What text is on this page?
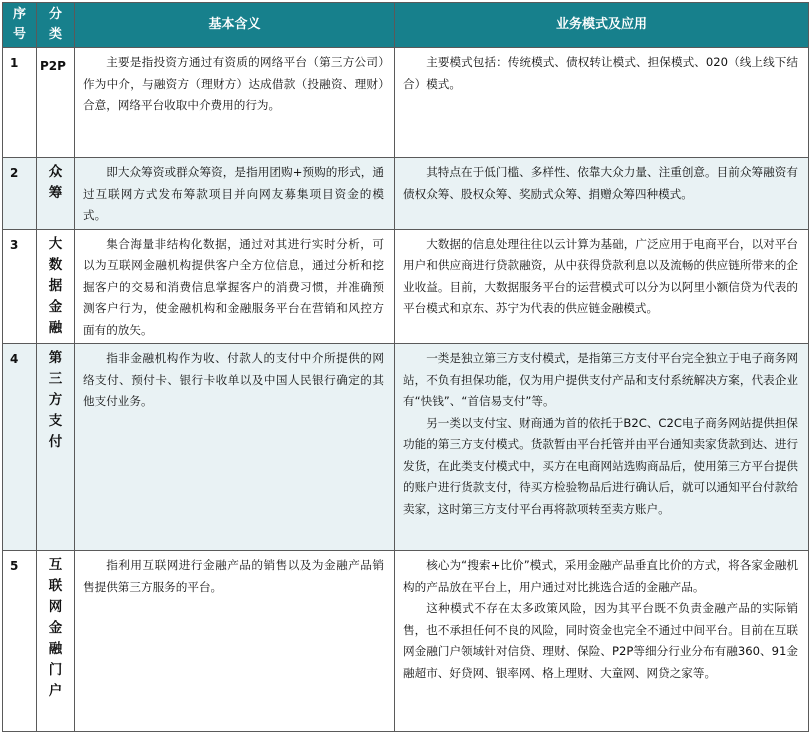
序号	分类	基本含义	业务模式及应用
1	P2P	主要是指投资方通过有资质的网络平台（第三方公司）作为中介，与融资方（理财方）达成借款（投融资、理财）合意，网络平台收取中介费用的行为。	主要模式包括：传统模式、债权转让模式、担保模式、020（线上线下结合）模式。

2	众筹	即大众筹资或群众筹资，是指用团购+预购的形式，通过互联网方式发布筹款项目并向网友募集项目资金的模式。	其特点在于低门槛、多样性、依靠大众力量、注重创意。目前众筹融资有债权众筹、股权众筹、奖励式众筹、捐赠众筹四种模式。

3	大数据金融	集合海量非结构化数据，通过对其进行实时分析，可以为互联网金融机构提供客户全方位信息，通过分析和挖掘客户的交易和消费信息掌握客户的消费习惯，并准确预测客户行为，使金融机构和金融服务平台在营销和风控方面有的放矢。	大数据的信息处理往往以云计算为基础，广泛应用于电商平台，以对平台用户和供应商进行贷款融资，从中获得贷款利息以及流畅的供应链所带来的企业收益。目前，大数据服务平台的运营模式可以分为以阿里小额信贷为代表的平台模式和京东、苏宁为代表的供应链金融模式。

4	第三方支付	指非金融机构作为收、付款人的支付中介所提供的网络支付、预付卡、银行卡收单以及中国人民银行确定的其他支付业务。	一类是独立第三方支付模式，是指第三方支付平台完全独立于电子商务网站，不负有担保功能，仅为用户提供支付产品和支付系统解决方案，代表企业有“快钱”、“首信易支付”等。

另一类以支付宝、财商通为首的依托于B2C、C2C电子商务网站提供担保功能的第三方支付模式。货款暂由平台托管并由平台通知卖家货款到达、进行发货，在此类支付模式中，买方在电商网站选购商品后，使用第三方平台提供的账户进行货款支付，待买方检验物品后进行确认后，就可以通知平台付款给卖家，这时第三方支付平台再将款项转至卖方账户。

5	互联网金融门户	指利用互联网进行金融产品的销售以及为金融产品销售提供第三方服务的平台。	核心为“搜索+比价”模式，采用金融产品垂直比价的方式，将各家金融机构的产品放在平台上，用户通过对比挑选合适的金融产品。

这种模式不存在太多政策风险，因为其平台既不负责金融产品的实际销售，也不承担任何不良的风险，同时资金也完全不通过中间平台。目前在互联网金融门户领域针对信贷、理财、保险、P2P等细分行业分布有融360、91金融超市、好贷网、银率网、格上理财、大童网、网贷之家等。
